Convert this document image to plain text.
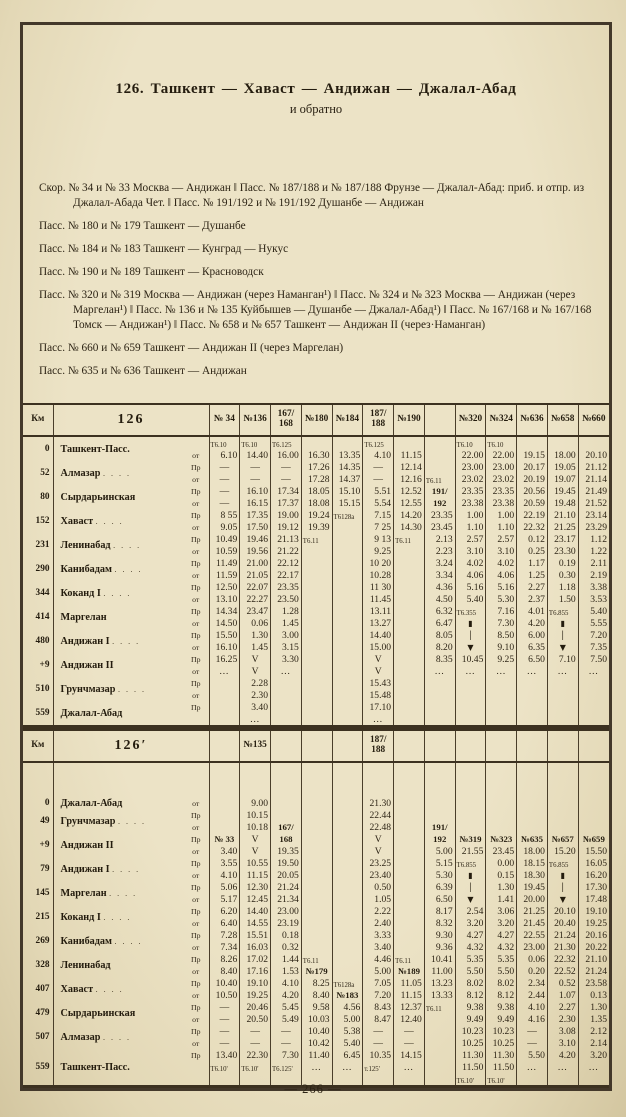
126. Ташкент — Хаваст — Андижан — Джалал-Абад
и обратно
Скор. № 34 и № 33 Москва — Андижан ‖ Пасс. № 187/188 и № 187/188 Фрунзе — Джалал-Абад: приб. и отпр. из Джалал-Абада Чет. ‖ Пасс. № 191/192 и № 191/192 Душанбе — Андижан
Пасс. № 180 и № 179 Ташкент — Душанбе
Пасс. № 184 и № 183 Ташкент — Кунград — Нукус
Пасс. № 190 и № 189 Ташкент — Красноводск
Пасс. № 320 и № 319 Москва — Андижан (через Наманган¹) ‖ Пасс. № 324 и № 323 Москва — Андижан (через Маргелан¹) ‖ Пасс. № 136 и № 135 Куйбышев — Душанбе — Джалал-Абад¹) ‖ Пасс. № 167/168 и № 167/168 Томск — Андижан¹) ‖ Пасс. № 658 и № 657 Ташкент — Андижан II (через·Наманган)
Пасс. № 660 и № 659 Ташкент — Андижан II (через Маргелан)
Пасс. № 635 и № 636 Ташкент — Андижан
Км	126		№ 34	№136	167/
168	№180	№184	187/
188	№190		№320	№324	№636	№658	№660
0	Ташкент-Пасс.		Т6.10	Т6.10	Т6.125			Т6.125			Т6.10	Т6.10			
		от	6.10	14.40	16.00	16.30	13.35	4.10	11.15		22.00	22.00	19.15	18.00	20.10
52	Алмазар . . . .	Пр	—	—	—	17.26	14.35	—	12.14		23.00	23.00	20.17	19.05	21.12
		от	—	—	—	17.28	14.37	—	12.16	Т6.11	23.02	23.02	20.19	19.07	21.14
80	Сырдарьинская	Пр	—	16.10	17.34	18.05	15.10	5.51	12.52	191/	23.35	23.35	20.56	19.45	21.49
		от	—	16.15	17.37	18.08	15.15	5.54	12.55	192	23.38	23.38	20.59	19.48	21.52
152	Хаваст . . . .	Пр	8 55	17.35	19.00	19.24	Т6128а	7.15	14.20	23.35	1.00	1.00	22.19	21.10	23.14
		от	9.05	17.50	19.12	19.39		7 25	14.30	23.45	1.10	1.10	22.32	21.25	23.29
231	Ленинабад . . . .	Пр	10.49	19.46	21.13	Т6.11		9 13	Т6.11	2.13	2.57	2.57	0.12	23.17	1.12
		от	10.59	19.56	21.22			9.25		2.23	3.10	3.10	0.25	23.30	1.22
290	Канибадам . . . .	Пр	11.49	21.00	22.12			10 20		3.24	4.02	4.02	1.17	0.19	2.11
		от	11.59	21.05	22.17			10.28		3.34	4.06	4.06	1.25	0.30	2.19
344	Коканд I . . . .	Пр	12.50	22.07	23.35			11 30		4.36	5.16	5.16	2.27	1.18	3.38
		от	13.10	22.27	23.50			11.45		4.50	5.40	5.30	2.37	1.50	3.53
414	Маргелан	Пр	14.34	23.47	1.28			13.11		6.32	Т6.355	7.16	4.01	Т6.855	5.40
		от	14.50	0.06	1.45			13.27		6.47	▮	7.30	4.20	▮	5.55
480	Андижан I . . . .	Пр	15.50	1.30	3.00			14.40		8.05	│	8.50	6.00	│	7.20
		от	16.10	1.45	3.15			15.00		8.20	▼	9.10	6.35	▼	7.35
+9	Андижан II	Пр	16.25	V	3.30			V		8.35	10.45	9.25	6.50	7.10	7.50
		от	…	V	…			V		…	…	…	…	…	…
510	Грунчмазар . . . .	Пр		2.28				15.43							
		от		2.30				15.48							
559	Джалал-Абад	Пр		3.40				17.10							
				…				…							
Км	126′			№135				187/
188							

0	Джалал-Абад	от		9.00				21.30							
49	Грунчмазар . . . .	Пр		10.15				22.44							
		от		10.18	167/			22.48		191/					
+9	Андижан II	Пр	№ 33	V	168			V		192	№319	№323	№635	№657	№659
		от	3.40	V	19.35			V		5.00	21.55	23.45	18.00	15.20	15.50
79	Андижан I . . . .	Пр	3.55	10.55	19.50			23.25		5.15	Т6.855	0.00	18.15	Т6.855	16.05
		от	4.10	11.15	20.05			23.40		5.30	▮	0.15	18.30	▮	16.20
145	Маргелан . . . .	Пр	5.06	12.30	21.24			0.50		6.39	│	1.30	19.45	│	17.30
		от	5.17	12.45	21.34			1.05		6.50	▼	1.41	20.00	▼	17.48
215	Коканд I . . . .	Пр	6.20	14.40	23.00			2.22		8.17	2.54	3.06	21.25	20.10	19.10
		от	6.40	14.55	23.19			2.40		8.32	3.20	3.20	21.45	20.40	19.25
269	Канибадам . . . .	Пр	7.28	15.51	0.18			3.33		9.30	4.27	4.27	22.55	21.24	20.16
		от	7.34	16.03	0.32			3.40		9.36	4.32	4.32	23.00	21.30	20.22
328	Ленинабад	Пр	8.26	17.02	1.44	Т6.11		4.46	Т6.11	10.41	5.35	5.35	0.06	22.32	21.10
		от	8.40	17.16	1.53	№179		5.00	№189	11.00	5.50	5.50	0.20	22.52	21.24
407	Хаваст . . . .	Пр	10.40	19.10	4.10	8.25	Т6128а	7.05	11.05	13.23	8.02	8.02	2.34	0.52	23.58
		от	10.50	19.25	4.20	8.40	№183	7.20	11.15	13.33	8.12	8.12	2.44	1.07	0.13
479	Сырдарьинская	Пр	—	20.46	5.45	9.58	4.56	8.43	12.37	Т6.11	9.38	9.38	4.10	2.27	1.30
		от	—	20.50	5.49	10.03	5.00	8.47	12.40		9.49	9.49	4.16	2.30	1.35
507	Алмазар . . . .	Пр	—	—	—	10.40	5.38	—	—		10.23	10.23	—	3.08	2.12
		от	—	—	—	10.42	5.40	—	—		10.25	10.25	—	3.10	2.14
559	Ташкент-Пасс.	Пр	13.40	22.30	7.30	11.40	6.45	10.35	14.15		11.30	11.30	5.50	4.20	3.20
			Т6.10'	Т6.10'	Т6.125'	…	…	т.125'	…		11.50	11.50	…	…	…
											Т6.10'	Т6.10'			
— 266 —
